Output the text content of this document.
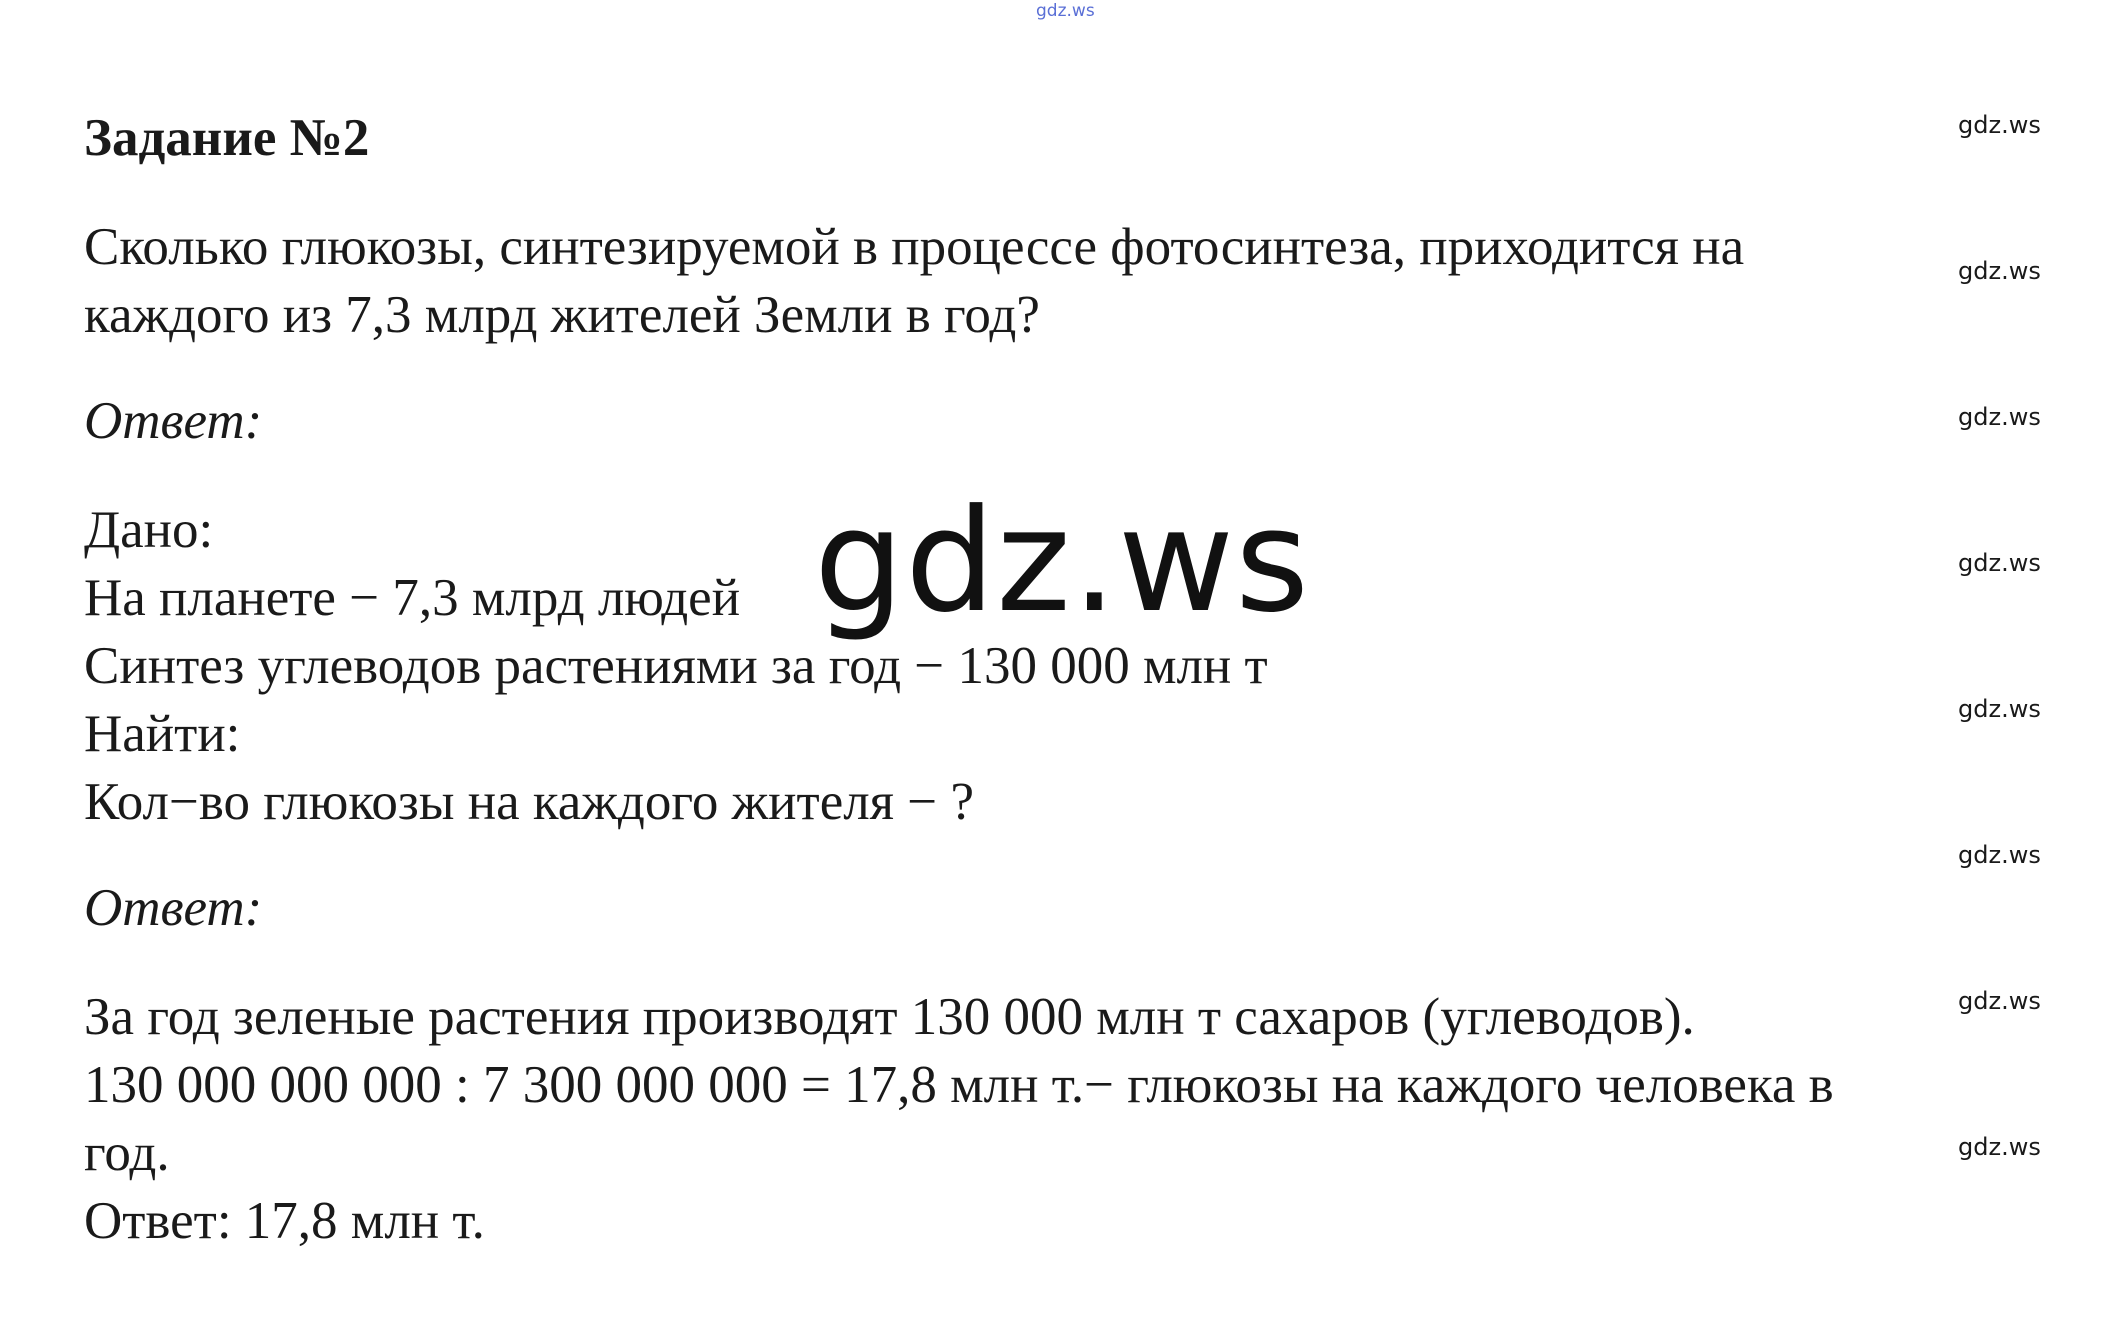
gdz.ws
Задание №2
Сколько глюкозы, синтезируемой в процессе фотосинтеза, приходится на
каждого из 7,3 млрд жителей Земли в год?
Ответ:
Дано:
На планете − 7,3 млрд людей
Синтез углеводов растениями за год − 130 000 млн т
Найти:
Кол−во глюкозы на каждого жителя − ?
Ответ:
За год зеленые растения производят 130 000 млн т сахаров (углеводов).
130 000 000 000 : 7 300 000 000 = 17,8 млн т.− глюкозы на каждого человека в
год.
Ответ: 17,8 млн т.
gdz.ws
gdz.ws
gdz.ws
gdz.ws
gdz.ws
gdz.ws
gdz.ws
gdz.ws
gdz.ws
